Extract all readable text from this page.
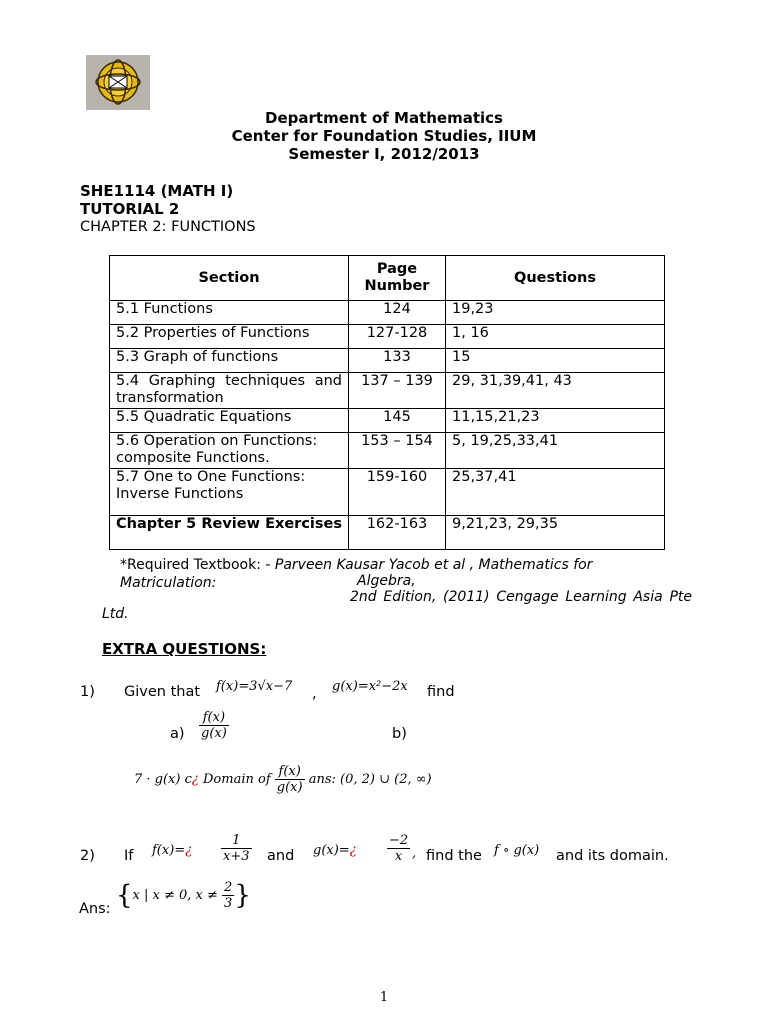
Department of Mathematics
Center for Foundation Studies, IIUM
Semester I, 2012/2013
SHE1114 (MATH I)
TUTORIAL 2
CHAPTER 2: FUNCTIONS
Section	Page Number	Questions
5.1 Functions	124	19,23
5.2 Properties of Functions	127-128	1, 16
5.3 Graph of functions	133	15
5.4 Graphing techniques and transformation	137 – 139	29, 31,39,41, 43
5.5 Quadratic Equations	145	11,15,21,23
5.6 Operation on Functions: composite Functions.	153 – 154	5, 19,25,33,41
5.7 One to One Functions: Inverse Functions	159-160	25,37,41
Chapter 5 Review Exercises	162-163	9,21,23, 29,35
*Required Textbook: - Parveen Kausar Yacob et al , Mathematics for Matriculation:	Algebra,
2nd Edition, (2011) Cengage Learning Asia Pte
Ltd.
EXTRA QUESTIONS:
1) Given that f(x)=3√x−7 , g(x)=x²−2x find
$a) \frac{f(x)}{g(x)}$	b)
7 · g(x) c¿ Domain of $\frac{f(x)}{g(x)}$ ans: (0, 2) ∪ (2, ∞)
2) If f(x)=¿ $\frac{1}{x+3}$ and g(x)=¿ $\frac{-2}{x}$ , find the f ∘ g(x) and its domain.
Ans: {x | x ≠ 0, $x \ne \frac{2}{3}$ }
1
